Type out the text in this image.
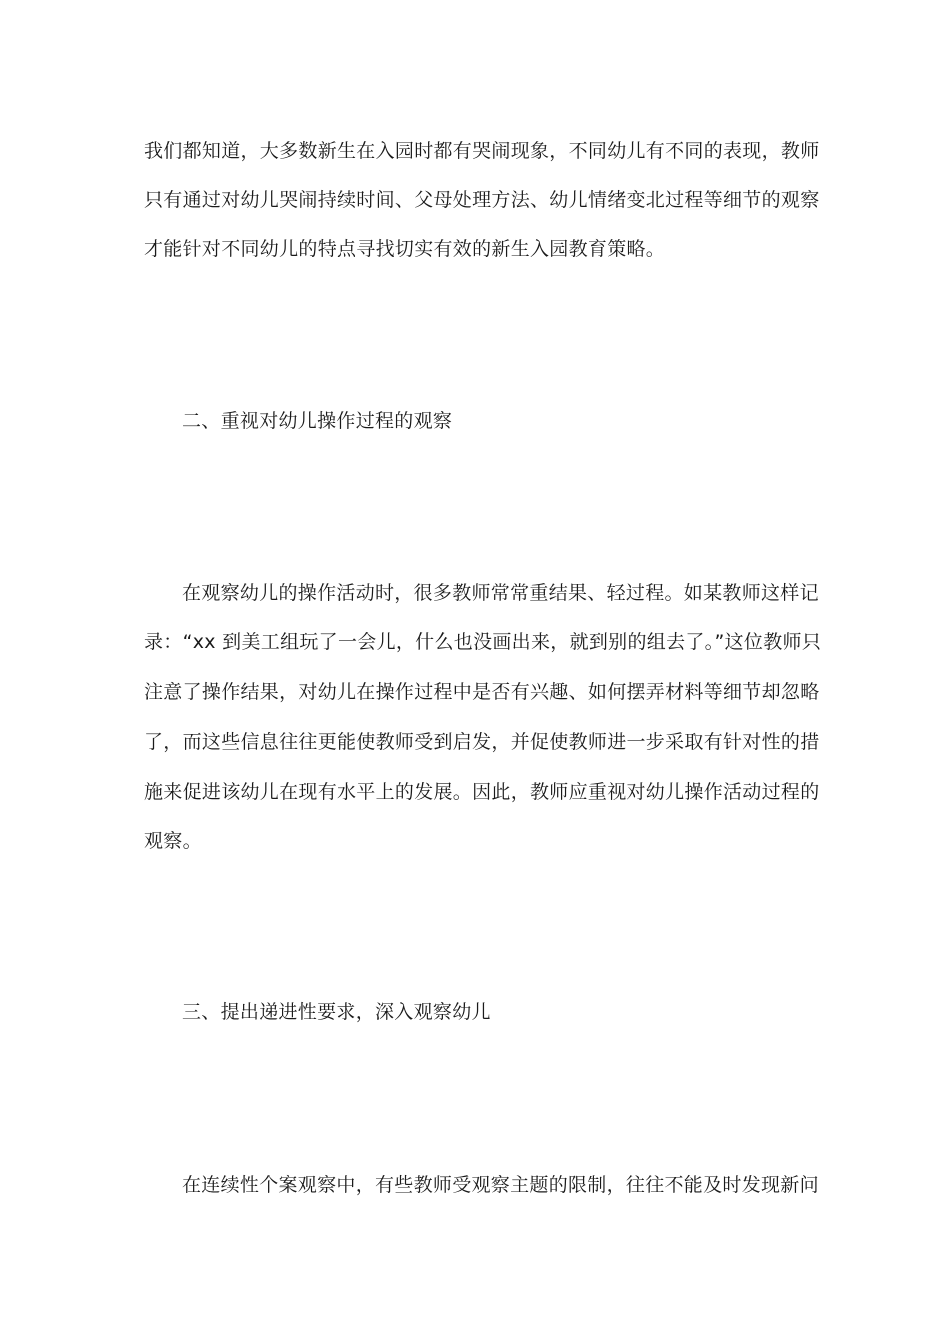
我们都知道，大多数新生在入园时都有哭闹现象，不同幼儿有不同的表现，教师
只有通过对幼儿哭闹持续时间、父母处理方法、幼儿情绪变北过程等细节的观察
才能针对不同幼儿的特点寻找切实有效的新生入园教育策略。
二、重视对幼儿操作过程的观察
在观察幼儿的操作活动时，很多教师常常重结果、轻过程。如某教师这样记
录：“xx 到美工组玩了一会儿，什么也没画出来，就到别的组去了。”这位教师只
注意了操作结果，对幼儿在操作过程中是否有兴趣、如何摆弄材料等细节却忽略
了，而这些信息往往更能使教师受到启发，并促使教师进一步采取有针对性的措
施来促进该幼儿在现有水平上的发展。因此，教师应重视对幼儿操作活动过程的
观察。
三、提出递进性要求，深入观察幼儿
在连续性个案观察中，有些教师受观察主题的限制，往往不能及时发现新问
